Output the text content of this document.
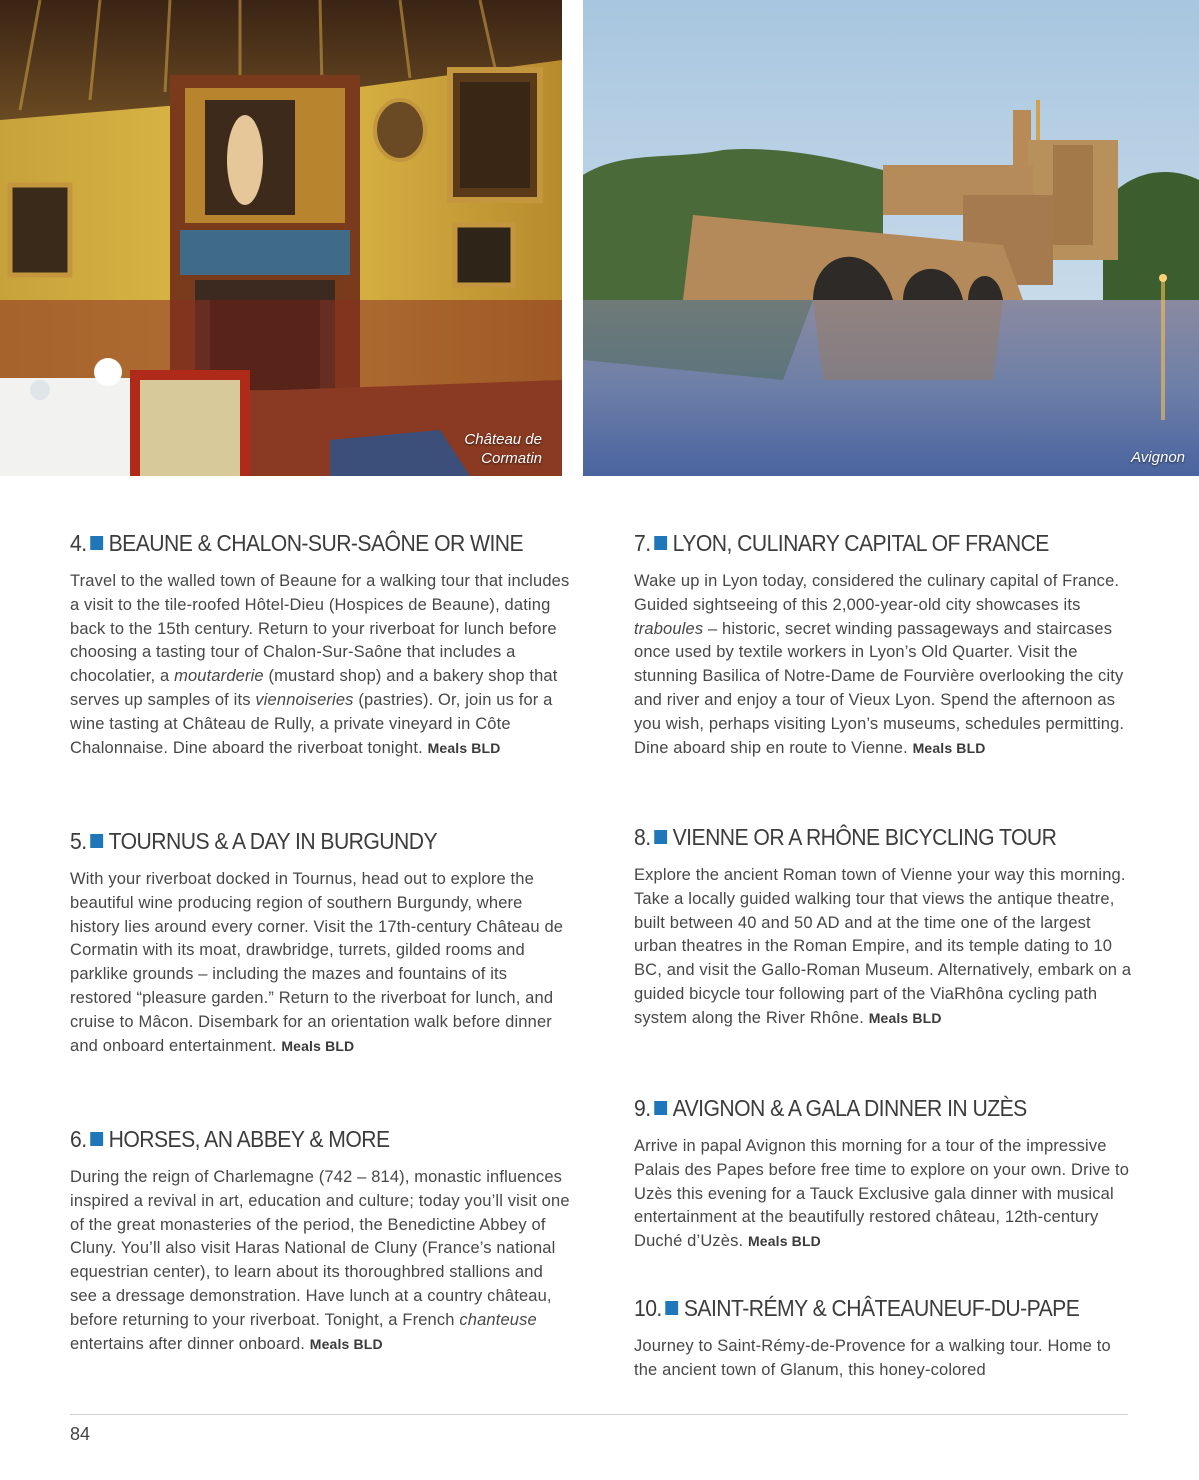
Château de Cormatin	Avignon
4. BEAUNE & CHALON-SUR-SAÔNE OR WINE

Travel to the walled town of Beaune for a walking tour that includes a visit to the tile-roofed Hôtel-Dieu (Hospices de Beaune), dating back to the 15th century. Return to your riverboat for lunch before choosing a tasting tour of Chalon-Sur-Saône that includes a chocolatier, a moutarderie (mustard shop) and a bakery shop that serves up samples of its viennoiseries (pastries). Or, join us for a wine tasting at Château de Rully, a private vineyard in Côte Chalonnaise. Dine aboard the riverboat tonight. Meals BLD

5. TOURNUS & A DAY IN BURGUNDY

With your riverboat docked in Tournus, head out to explore the beautiful wine producing region of southern Burgundy, where history lies around every corner. Visit the 17th-century Château de Cormatin with its moat, drawbridge, turrets, gilded rooms and parklike grounds – including the mazes and fountains of its restored “pleasure garden.” Return to the riverboat for lunch, and cruise to Mâcon. Disembark for an orientation walk before dinner and onboard entertainment. Meals BLD

6. HORSES, AN ABBEY & MORE

During the reign of Charlemagne (742 – 814), monastic influences inspired a revival in art, education and culture; today you’ll visit one of the great monasteries of the period, the Benedictine Abbey of Cluny. You’ll also visit Haras National de Cluny (France’s national equestrian center), to learn about its thoroughbred stallions and see a dressage demonstration. Have lunch at a country château, before returning to your riverboat. Tonight, a French chanteuse entertains after dinner onboard. Meals BLD

7. LYON, CULINARY CAPITAL OF FRANCE

Wake up in Lyon today, considered the culinary capital of France. Guided sightseeing of this 2,000-year-old city showcases its traboules – historic, secret winding passageways and staircases once used by textile workers in Lyon’s Old Quarter. Visit the stunning Basilica of Notre-Dame de Fourvière overlooking the city and river and enjoy a tour of Vieux Lyon. Spend the afternoon as you wish, perhaps visiting Lyon’s museums, schedules permitting. Dine aboard ship en route to Vienne. Meals BLD

8. VIENNE OR A RHÔNE BICYCLING TOUR

Explore the ancient Roman town of Vienne your way this morning. Take a locally guided walking tour that views the antique theatre, built between 40 and 50 AD and at the time one of the largest urban theatres in the Roman Empire, and its temple dating to 10 BC, and visit the Gallo-Roman Museum. Alternatively, embark on a guided bicycle tour following part of the ViaRhôna cycling path system along the River Rhône. Meals BLD

9. AVIGNON & A GALA DINNER IN UZÈS

Arrive in papal Avignon this morning for a tour of the impressive Palais des Papes before free time to explore on your own. Drive to Uzès this evening for a Tauck Exclusive gala dinner with musical entertainment at the beautifully restored château, 12th-century Duché d’Uzès. Meals BLD

10. SAINT-RÉMY & CHÂTEAUNEUF-DU-PAPE

Journey to Saint-Rémy-de-Provence for a walking tour. Home to the ancient town of Glanum, this honey-colored

84
